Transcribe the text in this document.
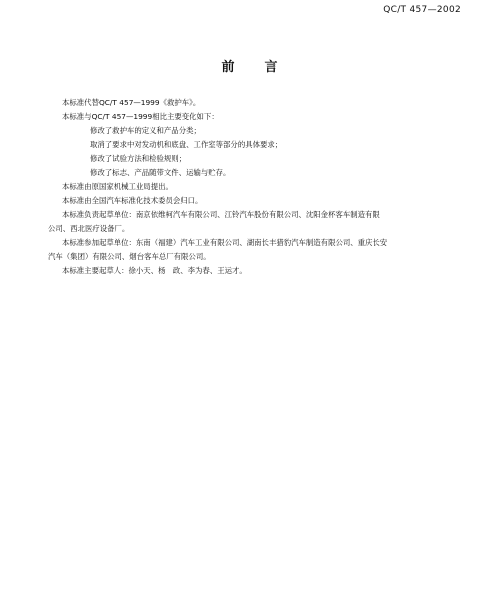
QC/T 457—2002
前言

本标准代替QC/T 457—1999《救护车》。

本标准与QC/T 457—1999相比主要变化如下：

修改了救护车的定义和产品分类；

取消了要求中对发动机和底盘、工作室等部分的具体要求；

修改了试验方法和检验规则；

修改了标志、产品随带文件、运输与贮存。

本标准由原国家机械工业局提出。

本标准由全国汽车标准化技术委员会归口。

本标准负责起草单位：南京依维柯汽车有限公司、江铃汽车股份有限公司、沈阳金杯客车制造有限

公司、西北医疗设备厂。

本标准参加起草单位：东南（福建）汽车工业有限公司、湖南长丰猎豹汽车制造有限公司、重庆长安

汽车（集团）有限公司、烟台客车总厂有限公司。

本标准主要起草人：徐小天、杨　政、李为春、王运才。
